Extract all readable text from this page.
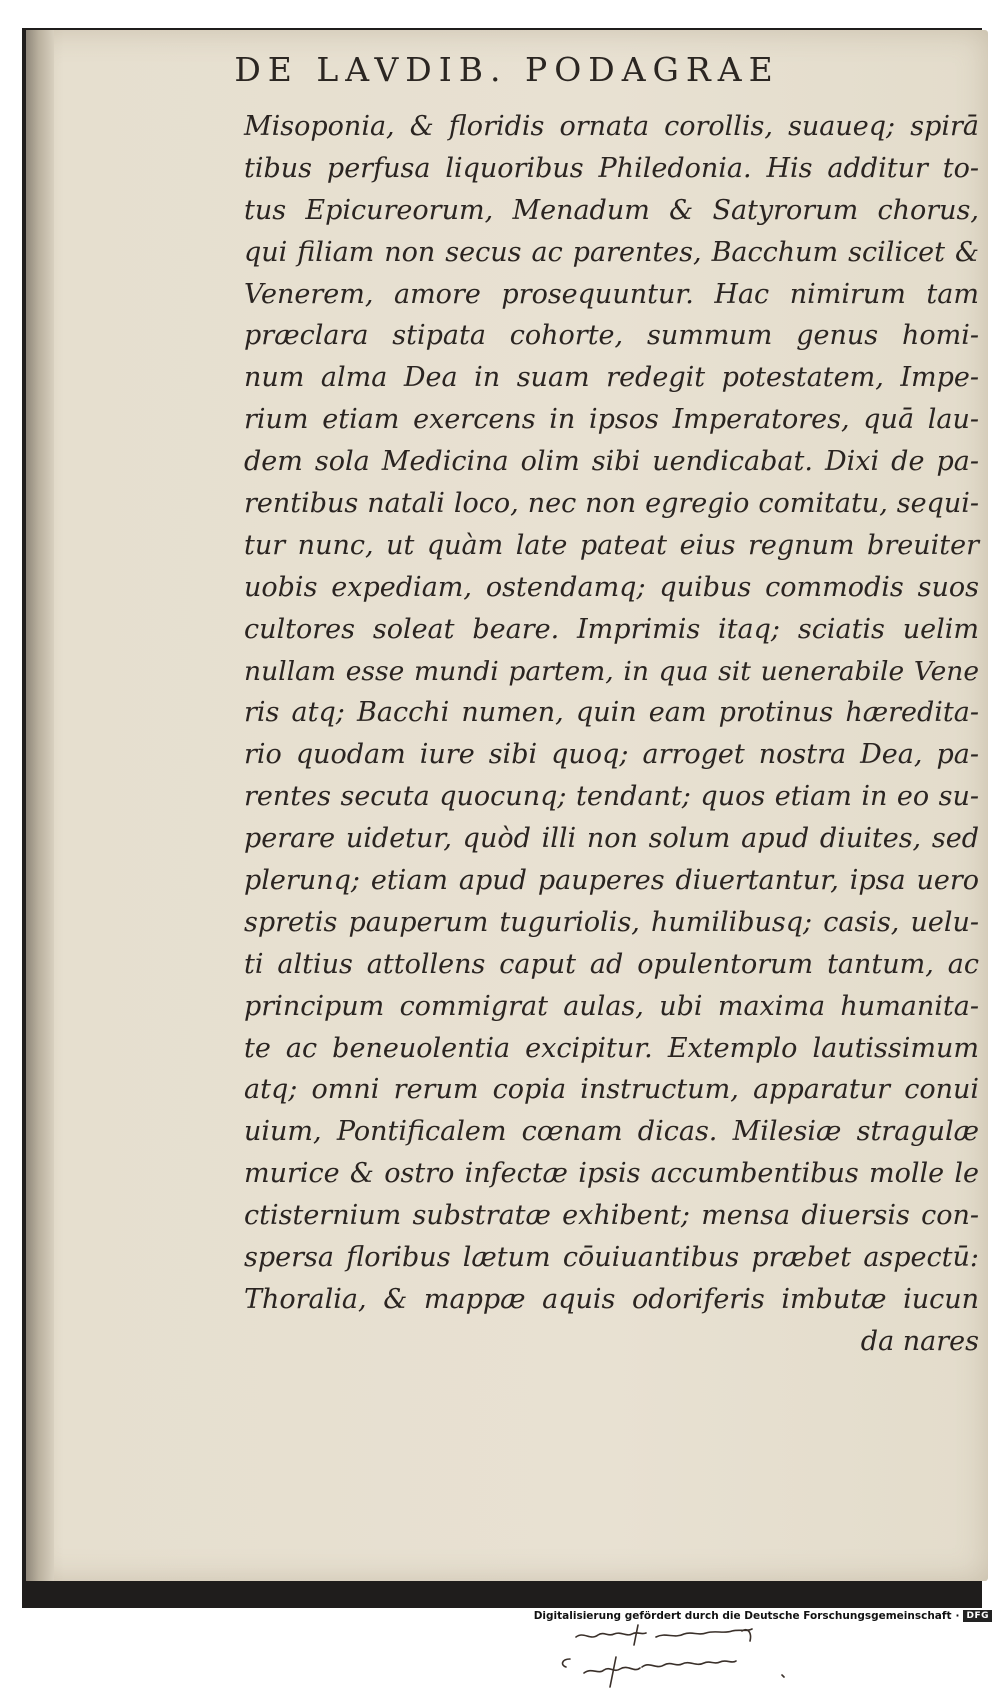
DE LAVDIB. PODAGRAE
Misoponia, & floridis ornata corollis, suaueq; spirā
tibus perfusa liquoribus Philedonia. His additur to-
tus Epicureorum, Menadum & Satyrorum chorus,
qui filiam non secus ac parentes, Bacchum scilicet &
Venerem, amore prosequuntur. Hac nimirum tam
præclara stipata cohorte, summum genus homi-
num alma Dea in suam redegit potestatem, Impe-
rium etiam exercens in ipsos Imperatores, quā lau-
dem sola Medicina olim sibi uendicabat. Dixi de pa-
rentibus natali loco, nec non egregio comitatu, sequi-
tur nunc, ut quàm late pateat eius regnum breuiter
uobis expediam, ostendamq; quibus commodis suos
cultores soleat beare. Imprimis itaq; sciatis uelim
nullam esse mundi partem, in qua sit uenerabile Vene
ris atq; Bacchi numen, quin eam protinus hæredita-
rio quodam iure sibi quoq; arroget nostra Dea, pa-
rentes secuta quocunq; tendant; quos etiam in eo su-
perare uidetur, quòd illi non solum apud diuites, sed
plerunq; etiam apud pauperes diuertantur, ipsa uero
spretis pauperum tuguriolis, humilibusq; casis, uelu-
ti altius attollens caput ad opulentorum tantum, ac
principum commigrat aulas, ubi maxima humanita-
te ac beneuolentia excipitur. Extemplo lautissimum
atq; omni rerum copia instructum, apparatur conui
uium, Pontificalem cœnam dicas. Milesiæ stragulæ
murice & ostro infectæ ipsis accumbentibus molle le
ctisternium substratæ exhibent; mensa diuersis con-
spersa floribus lætum cōuiuantibus præbet aspectū:
Thoralia, & mappæ aquis odoriferis imbutæ iucun
da nares
Digitalisierung gefördert durch die Deutsche Forschungsgemeinschaft · DFG
